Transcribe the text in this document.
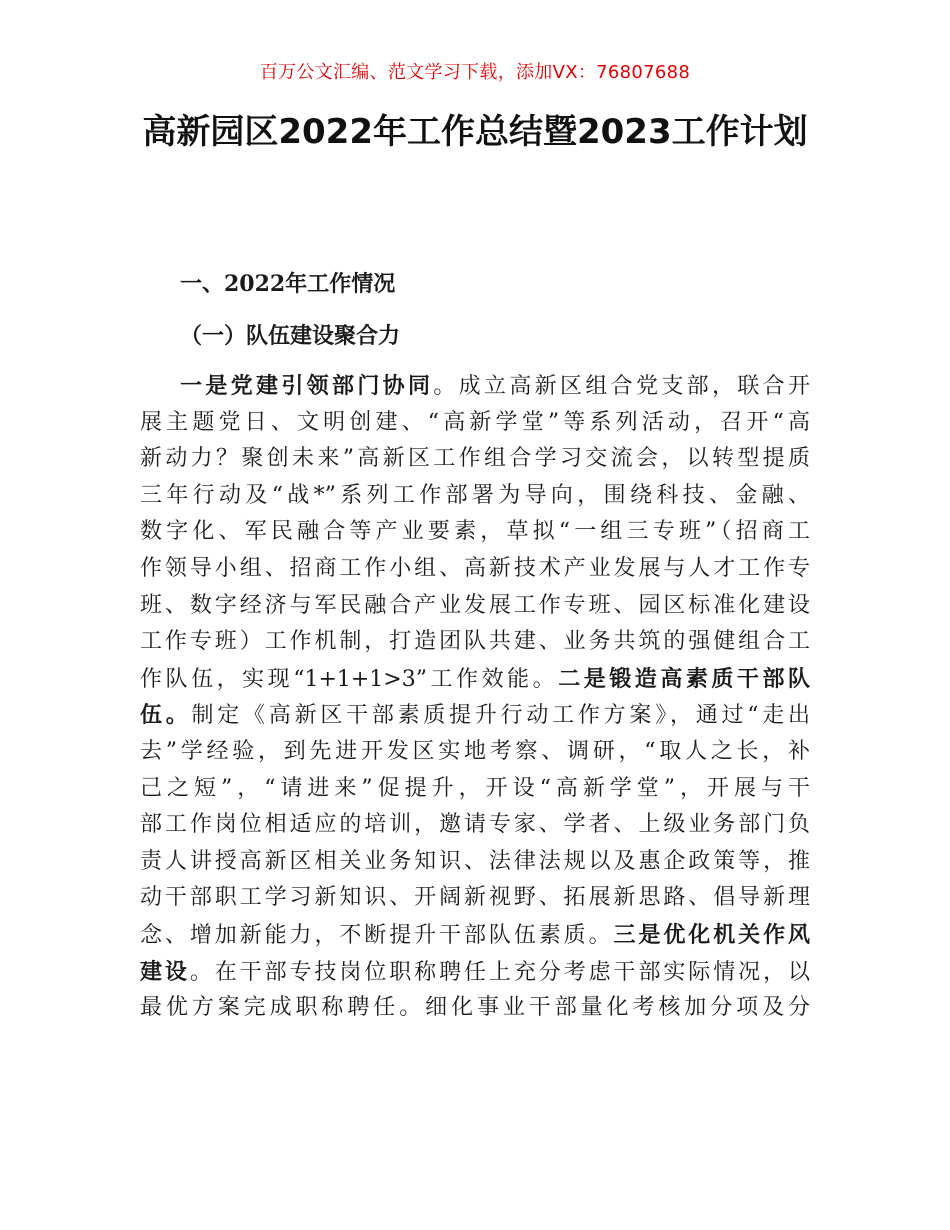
百万公文汇编、范文学习下载，添加VX：76807688
高新园区2022年工作总结暨2023工作计划
一、2022年工作情况
（一）队伍建设聚合力
一是党建引领部门协同。成立高新区组合党支部，联合开
展主题党日、文明创建、“高新学堂”等系列活动，召开“高
新动力？聚创未来”高新区工作组合学习交流会，以转型提质
三年行动及“战*”系列工作部署为导向，围绕科技、金融、
数字化、军民融合等产业要素，草拟“一组三专班”（招商工
作领导小组、招商工作小组、高新技术产业发展与人才工作专
班、数字经济与军民融合产业发展工作专班、园区标准化建设
工作专班）工作机制，打造团队共建、业务共筑的强健组合工
作队伍，实现“1+1+1>3”工作效能。二是锻造高素质干部队
伍。制定《高新区干部素质提升行动工作方案》，通过“走出
去”学经验，到先进开发区实地考察、调研，“取人之长，补
己之短”，“请进来”促提升，开设“高新学堂”，开展与干
部工作岗位相适应的培训，邀请专家、学者、上级业务部门负
责人讲授高新区相关业务知识、法律法规以及惠企政策等，推
动干部职工学习新知识、开阔新视野、拓展新思路、倡导新理
念、增加新能力，不断提升干部队伍素质。三是优化机关作风
建设。在干部专技岗位职称聘任上充分考虑干部实际情况，以
最优方案完成职称聘任。细化事业干部量化考核加分项及分
